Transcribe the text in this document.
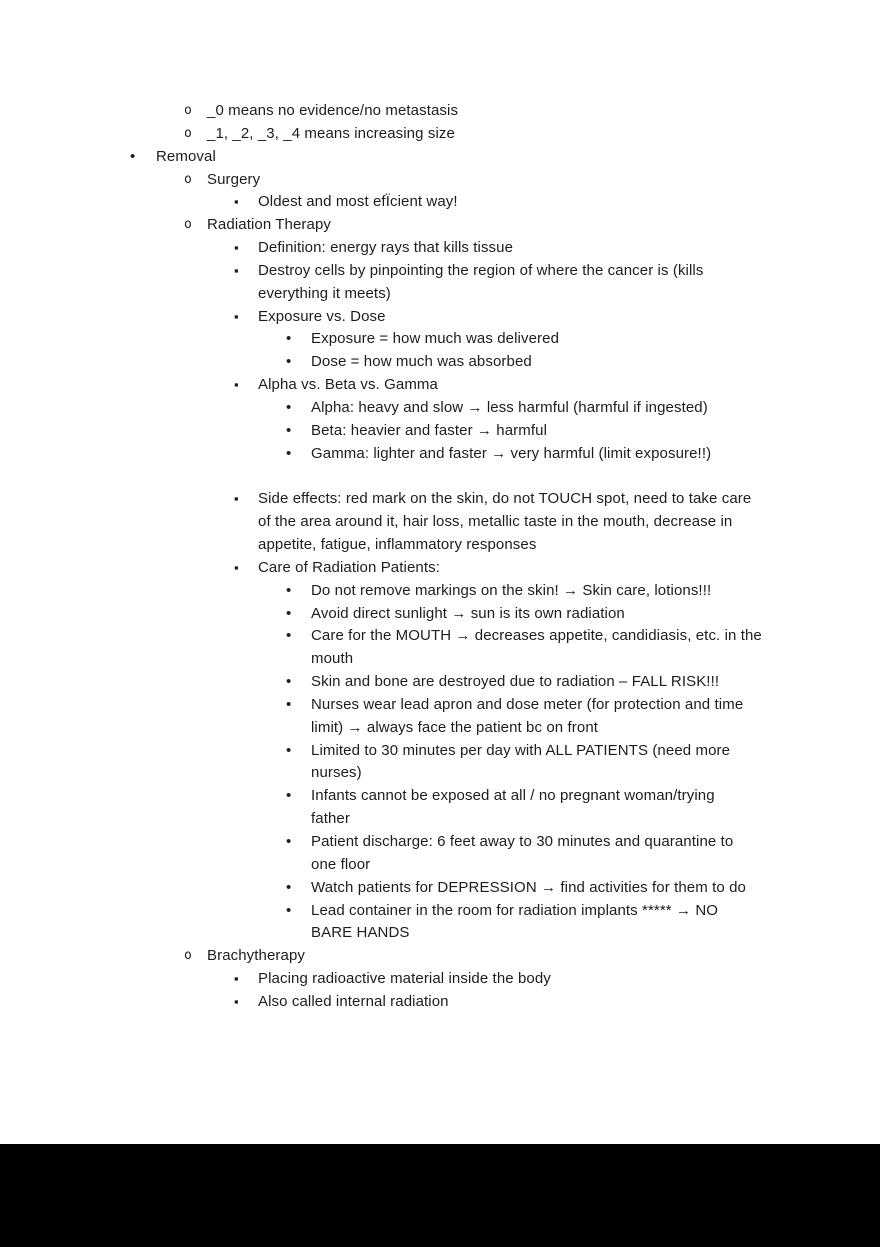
o _0 means no evidence/no metastasis
o _1, _2, _3, _4 means increasing size
• Removal
o Surgery
▪ Oldest and most efÏcient way!
o Radiation Therapy
▪ Definition: energy rays that kills tissue
▪ Destroy cells by pinpointing the region of where the cancer is (kills
everything it meets)
▪ Exposure vs. Dose
• Exposure = how much was delivered
• Dose = how much was absorbed
▪ Alpha vs. Beta vs. Gamma
• Alpha: heavy and slow → less harmful (harmful if ingested)
• Beta: heavier and faster → harmful
• Gamma: lighter and faster → very harmful (limit exposure!!)
▪ Side effects: red mark on the skin, do not TOUCH spot, need to take care
of the area around it, hair loss, metallic taste in the mouth, decrease in
appetite, fatigue, inflammatory responses
▪ Care of Radiation Patients:
• Do not remove markings on the skin! → Skin care, lotions!!!
• Avoid direct sunlight → sun is its own radiation
• Care for the MOUTH → decreases appetite, candidiasis, etc. in the
mouth
• Skin and bone are destroyed due to radiation – FALL RISK!!!
• Nurses wear lead apron and dose meter (for protection and time
limit) → always face the patient bc on front
• Limited to 30 minutes per day with ALL PATIENTS (need more
nurses)
• Infants cannot be exposed at all / no pregnant woman/trying
father
• Patient discharge: 6 feet away to 30 minutes and quarantine to
one floor
• Watch patients for DEPRESSION → find activities for them to do
• Lead container in the room for radiation implants ***** → NO
BARE HANDS
o Brachytherapy
▪ Placing radioactive material inside the body
▪ Also called internal radiation
